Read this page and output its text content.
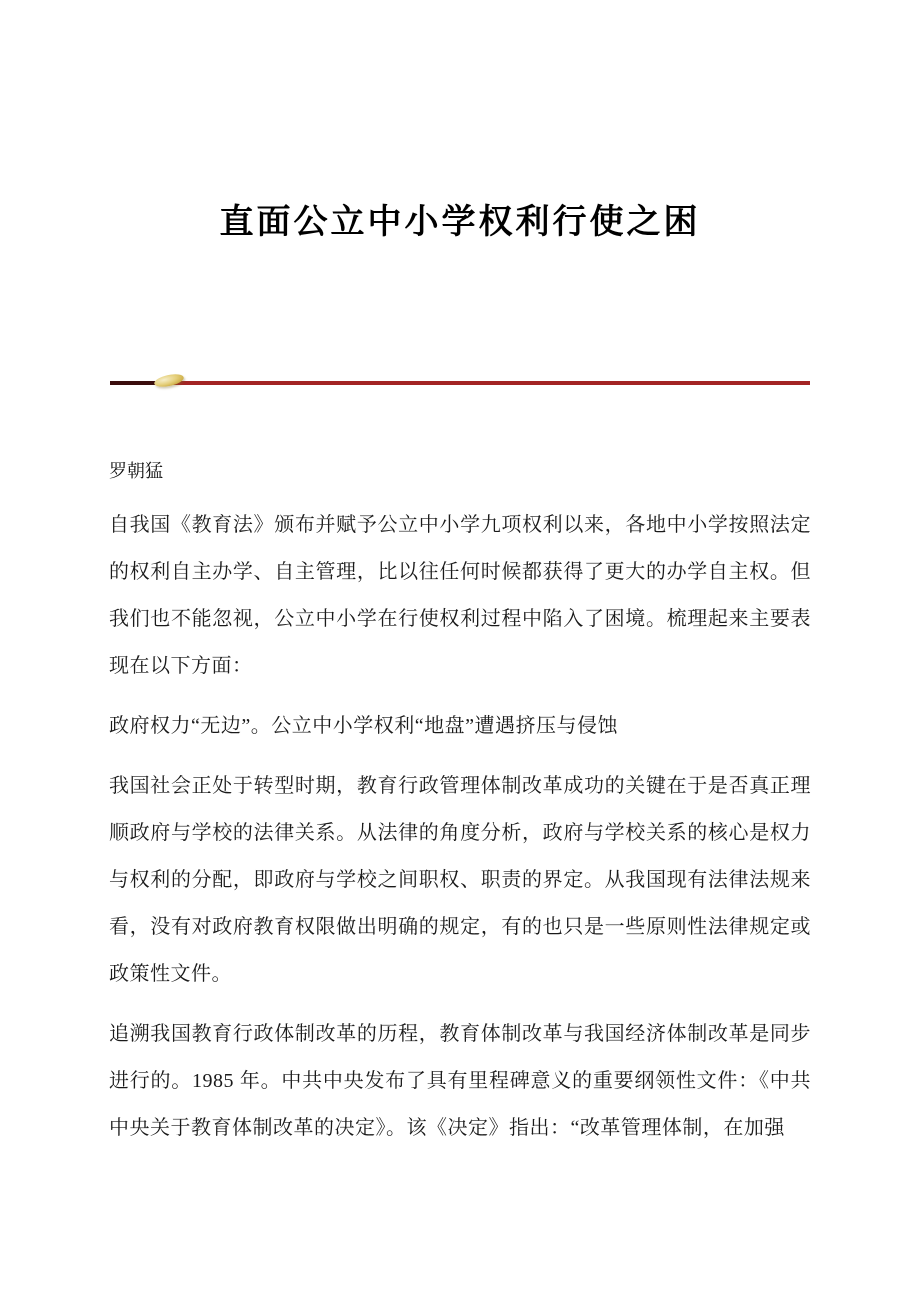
直面公立中小学权利行使之困

罗朝猛

自我国《教育法》颁布并赋予公立中小学九项权利以来，各地中小学按照法定的权利自主办学、自主管理，比以往任何时候都获得了更大的办学自主权。但我们也不能忽视，公立中小学在行使权利过程中陷入了困境。梳理起来主要表现在以下方面：

政府权力“无边”。公立中小学权利“地盘”遭遇挤压与侵蚀

我国社会正处于转型时期，教育行政管理体制改革成功的关键在于是否真正理顺政府与学校的法律关系。从法律的角度分析，政府与学校关系的核心是权力与权利的分配，即政府与学校之间职权、职责的界定。从我国现有法律法规来看，没有对政府教育权限做出明确的规定，有的也只是一些原则性法律规定或政策性文件。

追溯我国教育行政体制改革的历程，教育体制改革与我国经济体制改革是同步进行的。1985 年。中共中央发布了具有里程碑意义的重要纲领性文件：《中共中央关于教育体制改革的决定》。该《决定》指出：“改革管理体制，在加强
